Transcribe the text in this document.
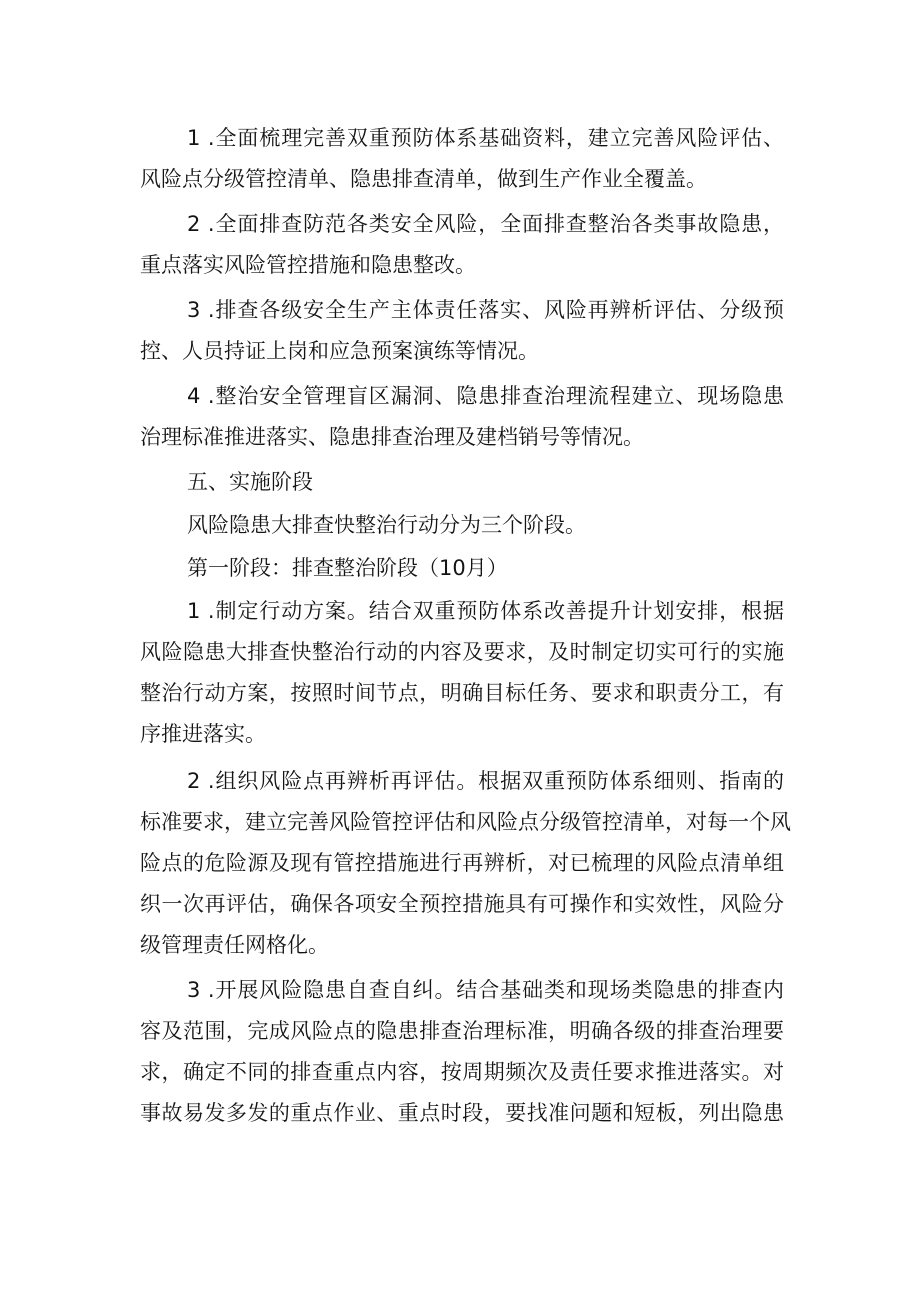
1 .全面梳理完善双重预防体系基础资料，建立完善风险评估、

风险点分级管控清单、隐患排查清单，做到生产作业全覆盖。

2 .全面排查防范各类安全风险，全面排查整治各类事故隐患，

重点落实风险管控措施和隐患整改。

3 .排查各级安全生产主体责任落实、风险再辨析评估、分级预

控、人员持证上岗和应急预案演练等情况。

4 .整治安全管理盲区漏洞、隐患排查治理流程建立、现场隐患

治理标准推进落实、隐患排查治理及建档销号等情况。

五、实施阶段

风险隐患大排查快整治行动分为三个阶段。

第一阶段：排查整治阶段（10月）

1 .制定行动方案。结合双重预防体系改善提升计划安排，根据

风险隐患大排查快整治行动的内容及要求，及时制定切实可行的实施

整治行动方案，按照时间节点，明确目标任务、要求和职责分工，有

序推进落实。

2 .组织风险点再辨析再评估。根据双重预防体系细则、指南的

标准要求，建立完善风险管控评估和风险点分级管控清单，对每一个风

险点的危险源及现有管控措施进行再辨析，对已梳理的风险点清单组

织一次再评估，确保各项安全预控措施具有可操作和实效性，风险分

级管理责任网格化。

3 .开展风险隐患自查自纠。结合基础类和现场类隐患的排查内

容及范围，完成风险点的隐患排查治理标准，明确各级的排查治理要

求，确定不同的排查重点内容，按周期频次及责任要求推进落实。对

事故易发多发的重点作业、重点时段，要找准问题和短板，列出隐患
